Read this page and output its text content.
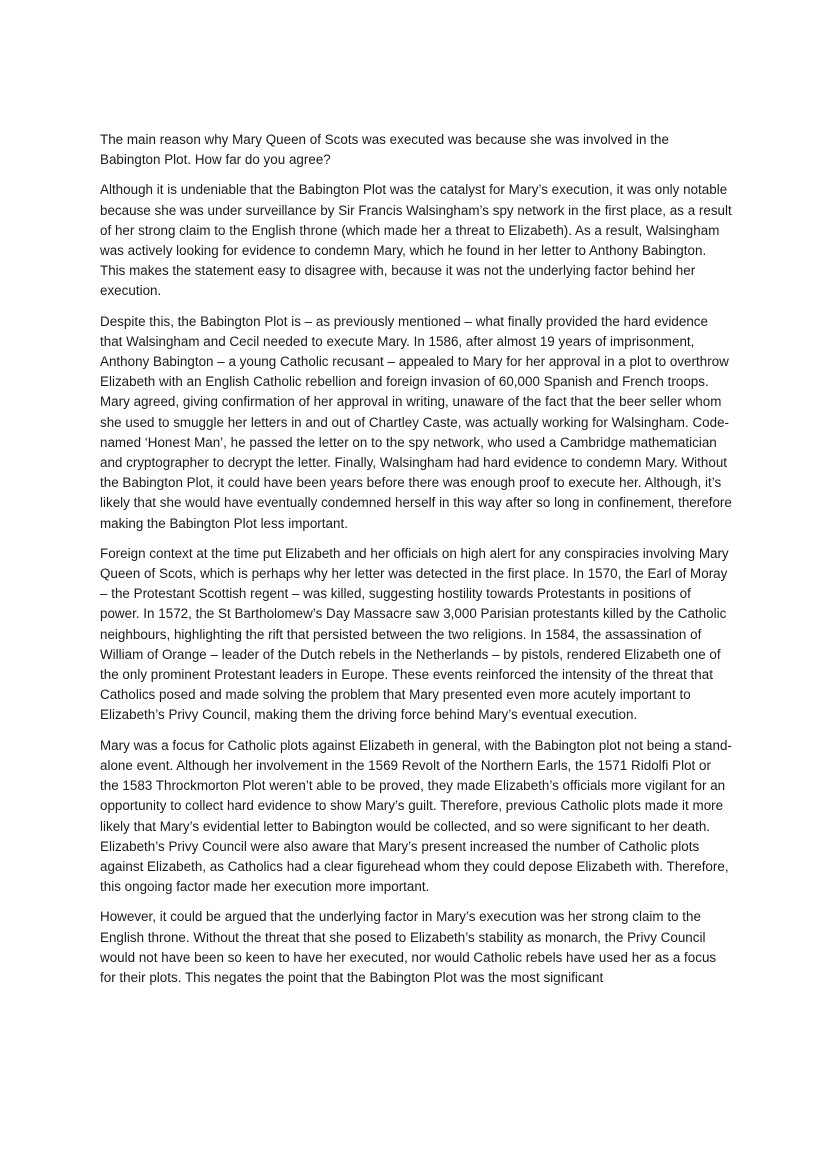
The main reason why Mary Queen of Scots was executed was because she was involved in the Babington Plot. How far do you agree?

Although it is undeniable that the Babington Plot was the catalyst for Mary’s execution, it was only notable because she was under surveillance by Sir Francis Walsingham’s spy network in the first place, as a result of her strong claim to the English throne (which made her a threat to Elizabeth). As a result, Walsingham was actively looking for evidence to condemn Mary, which he found in her letter to Anthony Babington. This makes the statement easy to disagree with, because it was not the underlying factor behind her execution.

Despite this, the Babington Plot is – as previously mentioned – what finally provided the hard evidence that Walsingham and Cecil needed to execute Mary. In 1586, after almost 19 years of imprisonment, Anthony Babington – a young Catholic recusant – appealed to Mary for her approval in a plot to overthrow Elizabeth with an English Catholic rebellion and foreign invasion of 60,000 Spanish and French troops. Mary agreed, giving confirmation of her approval in writing, unaware of the fact that the beer seller whom she used to smuggle her letters in and out of Chartley Caste, was actually working for Walsingham. Code-named ‘Honest Man’, he passed the letter on to the spy network, who used a Cambridge mathematician and cryptographer to decrypt the letter. Finally, Walsingham had hard evidence to condemn Mary. Without the Babington Plot, it could have been years before there was enough proof to execute her. Although, it’s likely that she would have eventually condemned herself in this way after so long in confinement, therefore making the Babington Plot less important.

Foreign context at the time put Elizabeth and her officials on high alert for any conspiracies involving Mary Queen of Scots, which is perhaps why her letter was detected in the first place. In 1570, the Earl of Moray – the Protestant Scottish regent – was killed, suggesting hostility towards Protestants in positions of power. In 1572, the St Bartholomew’s Day Massacre saw 3,000 Parisian protestants killed by the Catholic neighbours, highlighting the rift that persisted between the two religions. In 1584, the assassination of William of Orange – leader of the Dutch rebels in the Netherlands – by pistols, rendered Elizabeth one of the only prominent Protestant leaders in Europe. These events reinforced the intensity of the threat that Catholics posed and made solving the problem that Mary presented even more acutely important to Elizabeth’s Privy Council, making them the driving force behind Mary’s eventual execution.

Mary was a focus for Catholic plots against Elizabeth in general, with the Babington plot not being a stand-alone event. Although her involvement in the 1569 Revolt of the Northern Earls, the 1571 Ridolfi Plot or the 1583 Throckmorton Plot weren’t able to be proved, they made Elizabeth’s officials more vigilant for an opportunity to collect hard evidence to show Mary’s guilt. Therefore, previous Catholic plots made it more likely that Mary’s evidential letter to Babington would be collected, and so were significant to her death. Elizabeth’s Privy Council were also aware that Mary’s present increased the number of Catholic plots against Elizabeth, as Catholics had a clear figurehead whom they could depose Elizabeth with. Therefore, this ongoing factor made her execution more important.

However, it could be argued that the underlying factor in Mary’s execution was her strong claim to the English throne. Without the threat that she posed to Elizabeth’s stability as monarch, the Privy Council would not have been so keen to have her executed, nor would Catholic rebels have used her as a focus for their plots. This negates the point that the Babington Plot was the most significant
